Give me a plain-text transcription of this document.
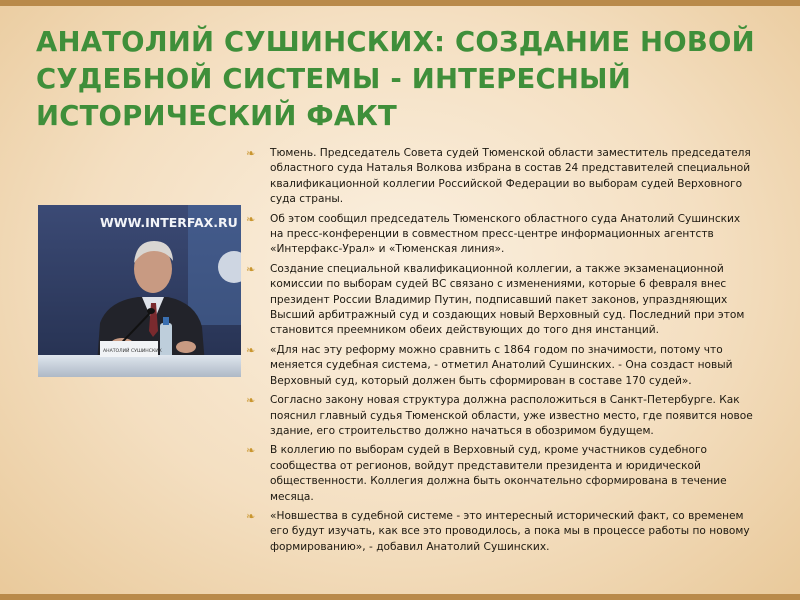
АНАТОЛИЙ СУШИНСКИХ: СОЗДАНИЕ НОВОЙ СУДЕБНОЙ СИСТЕМЫ - ИНТЕРЕСНЫЙ ИСТОРИЧЕСКИЙ ФАКТ
WWW.INTERFAX.RU
АНАТОЛИЙ СУШИНСКИХ
❧ Тюмень. Председатель Совета судей Тюменской области заместитель председателя областного суда Наталья Волкова избрана в состав 24 представителей специальной квалификационной коллегии Российской Федерации во выборам судей Верховного суда страны.
❧ Об этом сообщил председатель Тюменского областного суда Анатолий Сушинских на пресс-конференции в совместном пресс-центре информационных агентств «Интерфакс-Урал» и «Тюменская линия».
❧ Создание специальной квалификационной коллегии, а также экзаменационной комиссии по выборам судей ВС связано с изменениями, которые 6 февраля внес президент России Владимир Путин, подписавший пакет законов, упраздняющих Высший арбитражный суд и создающих новый Верховный суд. Последний при этом становится преемником обеих действующих до того дня инстанций.
❧ «Для нас эту реформу можно сравнить с 1864 годом по значимости, потому что меняется судебная система, - отметил Анатолий Сушинских. - Она создаст новый Верховный суд, который должен быть сформирован в составе 170 судей».
❧ Согласно закону новая структура должна расположиться в Санкт-Петербурге. Как пояснил главный судья Тюменской области, уже известно место, где появится новое здание, его строительство должно начаться в обозримом будущем.
❧ В коллегию по выборам судей в Верховный суд, кроме участников судебного сообщества от регионов, войдут представители президента и юридической общественности. Коллегия должна быть окончательно сформирована в течение месяца.
❧ «Новшества в судебной системе - это интересный исторический факт, со временем его будут изучать, как все это проводилось, а пока мы в процессе работы по новому формированию», - добавил Анатолий Сушинских.
